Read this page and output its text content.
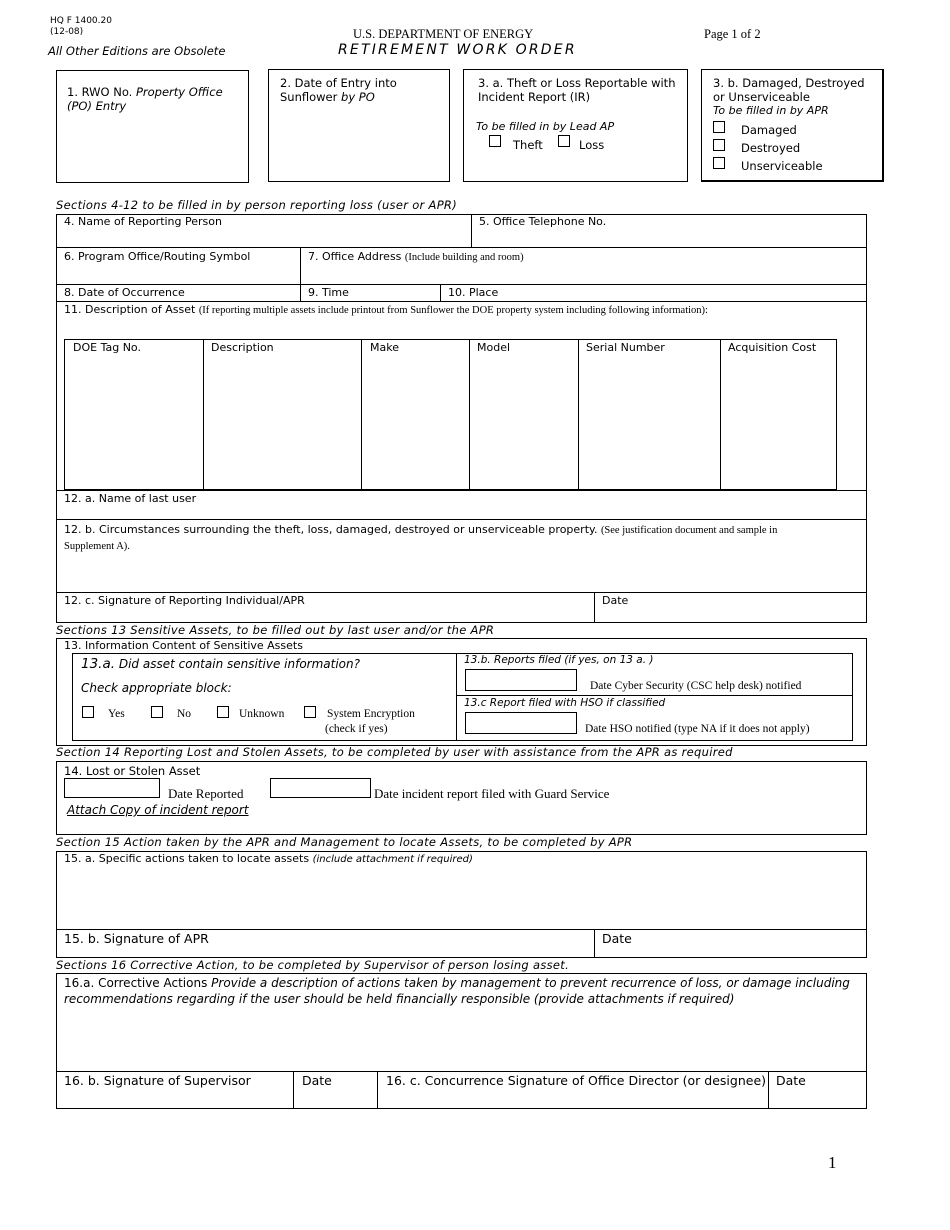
HQ F 1400.20
(12-08)
All Other Editions are Obsolete
U.S. DEPARTMENT OF ENERGY
RETIREMENT WORK ORDER
Page 1 of 2
1. RWO No. Property Office (PO) Entry
2. Date of Entry into Sunflower by PO
3. a. Theft or Loss Reportable with Incident Report (IR)
To be filled in by Lead AP
Theft	Loss
3. b. Damaged, Destroyed or Unserviceable
To be filled in by APR
Damaged
Destroyed
Unserviceable
Sections 4-12 to be filled in by person reporting loss (user or APR)
4. Name of Reporting Person	5. Office Telephone No.
6. Program Office/Routing Symbol	7. Office Address (Include building and room)
8. Date of Occurrence	9. Time	10. Place
11. Description of Asset (If reporting multiple assets include printout from Sunflower the DOE property system including following information):
DOE Tag No.	Description	Make	Model	Serial Number	Acquisition Cost
12. a. Name of last user
12. b. Circumstances surrounding the theft, loss, damaged, destroyed or unserviceable property. (See justification document and sample in Supplement A).
12. c. Signature of Reporting Individual/APR	Date
Sections 13 Sensitive Assets, to be filled out by last user and/or the APR
13. Information Content of Sensitive Assets
13.a. Did asset contain sensitive information?
Check appropriate block:
Yes	No	Unknown	System Encryption
(check if yes)
13.b. Reports filed (if yes, on 13 a. )
Date Cyber Security (CSC help desk) notified
13.c Report filed with HSO if classified
Date HSO notified (type NA if it does not apply)
Section 14 Reporting Lost and Stolen Assets, to be completed by user with assistance from the APR as required
14. Lost or Stolen Asset
Date Reported	Date incident report filed with Guard Service
Attach Copy of incident report
Section 15 Action taken by the APR and Management to locate Assets, to be completed by APR
15. a. Specific actions taken to locate assets (include attachment if required)
15. b. Signature of APR	Date
Sections 16 Corrective Action, to be completed by Supervisor of person losing asset.
16.a. Corrective Actions Provide a description of actions taken by management to prevent recurrence of loss, or damage including recommendations regarding if the user should be held financially responsible (provide attachments if required)
16. b. Signature of Supervisor	Date	16. c. Concurrence Signature of Office Director (or designee) Date
1
